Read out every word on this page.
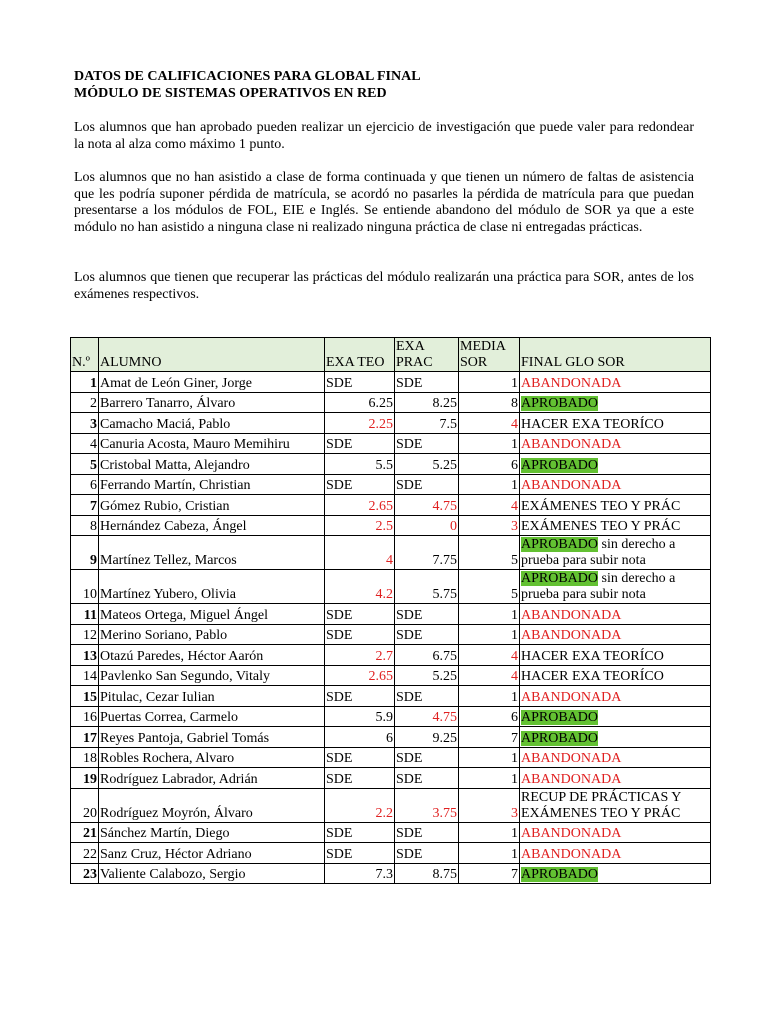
DATOS DE CALIFICACIONES PARA GLOBAL FINAL
MÓDULO DE SISTEMAS OPERATIVOS EN RED
Los alumnos que han aprobado pueden realizar un ejercicio de investigación que puede valer para redondear la nota al alza como máximo 1 punto.
Los alumnos que no han asistido a clase de forma continuada y que tienen un número de faltas de asistencia que les podría suponer pérdida de matrícula, se acordó no pasarles la pérdida de matrícula para que puedan presentarse a los módulos de FOL, EIE e Inglés. Se entiende abandono del módulo de SOR ya que a este módulo no han asistido a ninguna clase ni realizado ninguna práctica de clase ni entregadas prácticas.
Los alumnos que tienen que recuperar las prácticas del módulo realizarán una práctica para SOR, antes de los exámenes respectivos.
N.º	ALUMNO	EXA TEO	EXA PRAC	MEDIA SOR	FINAL GLO SOR
1	Amat de León Giner, Jorge	SDE	SDE	1	ABANDONADA
2	Barrero Tanarro, Álvaro	6.25	8.25	8	APROBADO
3	Camacho Maciá, Pablo	2.25	7.5	4	HACER EXA TEORÍCO
4	Canuria Acosta, Mauro Memihiru	SDE	SDE	1	ABANDONADA
5	Cristobal Matta, Alejandro	5.5	5.25	6	APROBADO
6	Ferrando Martín, Christian	SDE	SDE	1	ABANDONADA
7	Gómez Rubio, Cristian	2.65	4.75	4	EXÁMENES TEO Y PRÁC
8	Hernández Cabeza, Ángel	2.5	0	3	EXÁMENES TEO Y PRÁC
9	Martínez Tellez, Marcos	4	7.75	5	APROBADO sin derecho a prueba para subir nota
10	Martínez Yubero, Olivia	4.2	5.75	5	APROBADO sin derecho a prueba para subir nota
11	Mateos Ortega, Miguel Ángel	SDE	SDE	1	ABANDONADA
12	Merino Soriano, Pablo	SDE	SDE	1	ABANDONADA
13	Otazú Paredes, Héctor Aarón	2.7	6.75	4	HACER EXA TEORÍCO
14	Pavlenko San Segundo, Vitaly	2.65	5.25	4	HACER EXA TEORÍCO
15	Pitulac, Cezar Iulian	SDE	SDE	1	ABANDONADA
16	Puertas Correa, Carmelo	5.9	4.75	6	APROBADO
17	Reyes Pantoja, Gabriel Tomás	6	9.25	7	APROBADO
18	Robles Rochera, Alvaro	SDE	SDE	1	ABANDONADA
19	Rodríguez Labrador, Adrián	SDE	SDE	1	ABANDONADA
20	Rodríguez Moyrón, Álvaro	2.2	3.75	3	RECUP DE PRÁCTICAS Y EXÁMENES TEO Y PRÁC
21	Sánchez Martín, Diego	SDE	SDE	1	ABANDONADA
22	Sanz Cruz, Héctor Adriano	SDE	SDE	1	ABANDONADA
23	Valiente Calabozo, Sergio	7.3	8.75	7	APROBADO
